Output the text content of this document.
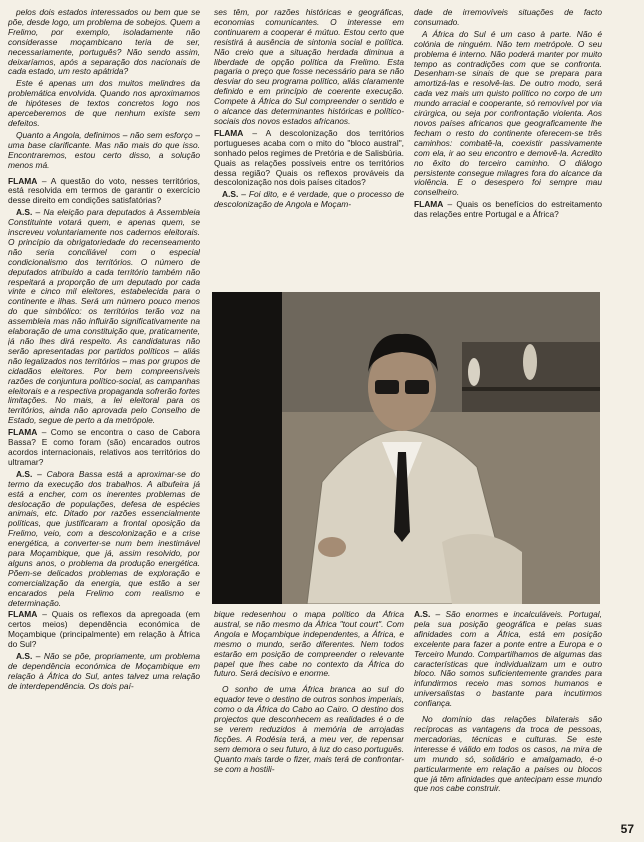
pelos dois estados interessados ou bem que se põe, desde logo, um problema de sobejos. Quem a Frelimo, por exemplo, isoladamente não considerasse moçambicano teria de ser, necessariamente, português? Não sendo assim, deixaríamos, após a separação dos nacionais de cada estado, um resto apátrida?

Este é apenas um dos muitos melindres da problemática envolvida. Quando nos aproximamos de hipóteses de textos concretos logo nos aperceberemos de que nenhum existe sem defeitos.

Quanto a Angola, definimos – não sem esforço – uma base clarificante. Mas não mais do que isso. Encontraremos, estou certo disso, a solução menos má.

FLAMA – A questão do voto, nesses territórios, está resolvida em termos de garantir o exercício desse direito em condições satisfatórias?

A.S. – Na eleição para deputados à Assembleia Constituinte votará quem, e apenas quem, se inscreveu voluntariamente nos cadernos eleitorais. O princípio da obrigatoriedade do recenseamento não seria conciliável com o especial condicionalismo dos territórios. O número de deputados atribuído a cada território também não respeitará a proporção de um deputado por cada vinte e cinco mil eleitores, estabelecida para o continente e ilhas. Será um número pouco menos do que simbólico: os territórios terão voz na assembleia mas não influirão significativamente na elaboração de uma constituição que, praticamente, já não lhes dirá respeito. As candidaturas não serão apresentadas por partidos políticos – aliás não legalizados nos territórios – mas por grupos de cidadãos eleitores. Por bem compreensíveis razões de conjuntura político-social, as campanhas eleitorais e a respectiva propaganda sofrerão fortes limitações. No mais, a lei eleitoral para os territórios, ainda não aprovada pelo Conselho de Estado, segue de perto a da metrópole.

FLAMA – Como se encontra o caso de Cabora Bassa? E como foram (são) encarados outros acordos internacionais, relativos aos territórios do ultramar?

A.S. – Cabora Bassa está a aproximar-se do termo da execução dos trabalhos. A albufeira já está a encher, com os inerentes problemas de deslocação de populações, defesa de espécies animais, etc. Ditado por razões essencialmente políticas, que justificaram a frontal oposição da Frelimo, veio, com a descolonização e a crise energética, a converter-se num bem inestimável para Moçambique, que já, assim resolvido, por alguns anos, o problema da produção energética. Põem-se delicados problemas de exploração e comercialização da energia, que estão a ser encarados pela Frelimo com realismo e determinação.

FLAMA – Quais os reflexos da apregoada (em certos meios) dependência económica de Moçambique (principalmente) em relação à África do Sul?

A.S. – Não se põe, propriamente, um problema de dependência económica de Moçambique em relação à África do Sul, antes talvez uma relação de interdependência. Os dois paí-

ses têm, por razões históricas e geográficas, economias comunicantes. O interesse em continuarem a cooperar é mútuo. Estou certo que resistirá à ausência de sintonia social e política. Não creio que a situação herdada diminua a liberdade de opção política da Frelimo. Esta pagaria o preço que fosse necessário para se não desviar do seu programa político, aliás claramente definido e em princípio de coerente execução. Compete à África do Sul compreender o sentido e o alcance das determinantes históricas e político-sociais dos novos estados africanos.

FLAMA – A descolonização dos territórios portugueses acaba com o mito do "bloco austral", sonhado pelos regimes de Pretória e de Salisbúria. Quais as relações possíveis entre os territórios dessa região? Quais os reflexos prováveis da descolonização nos dois países citados?

A.S. – Foi dito, e é verdade, que o processo de descolonização de Angola e Moçam-

dade de irremovíveis situações de facto consumado.

A África do Sul é um caso à parte. Não é colónia de ninguém. Não tem metrópole. O seu problema é interno. Não poderá manter por muito tempo as contradições com que se confronta. Desenham-se sinais de que se prepara para amortizá-las e resolvê-las. De outro modo, será cada vez mais um quisto político no corpo de um mundo arracial e cooperante, só removível por via cirúrgica, ou seja por confrontação violenta. Aos novos países africanos que geograficamente lhe fecham o resto do continente oferecem-se três caminhos: combatê-la, coexistir passivamente com ela, ir ao seu encontro e demovê-la. Acredito no êxito do terceiro caminho. O diálogo persistente consegue milagres fora do alcance da violência. E o desespero foi sempre mau conselheiro.

FLAMA – Quais os benefícios do estreitamento das relações entre Portugal e a África?

bique redesenhou o mapa político da África austral, se não mesmo da África "tout court". Com Angola e Moçambique independentes, a África, e mesmo o mundo, serão diferentes. Nem todos estarão em posição de compreender o relevante papel que lhes cabe no contexto da África do futuro. Será decisivo e enorme.

O sonho de uma África branca ao sul do equador teve o destino de outros sonhos imperiais, como o da África do Cabo ao Cairo. O destino dos projectos que desconhecem as realidades é o de se verem reduzidos à memória de arrojadas ficções. A Rodésia terá, a meu ver, de repensar sem demora o seu futuro, à luz do caso português. Quanto mais tarde o fizer, mais terá de confrontar-se com a hostili-

A.S. – São enormes e incalculáveis. Portugal, pela sua posição geográfica e pelas suas afinidades com a África, está em posição excelente para fazer a ponte entre a Europa e o Terceiro Mundo. Compartilhamos de algumas das características que individualizam um e outro bloco. Não somos suficientemente grandes para infundirmos receio mas somos humanos e universalistas o bastante para incutirmos confiança.

No domínio das relações bilaterais são recíprocas as vantagens da troca de pessoas, mercadorias, técnicas e culturas. Se este interesse é válido em todos os casos, na mira de um mundo só, solidário e amalgamado, é-o particularmente em relação a países ou blocos que já têm afinidades que antecipam esse mundo que nos cabe construir.

57
